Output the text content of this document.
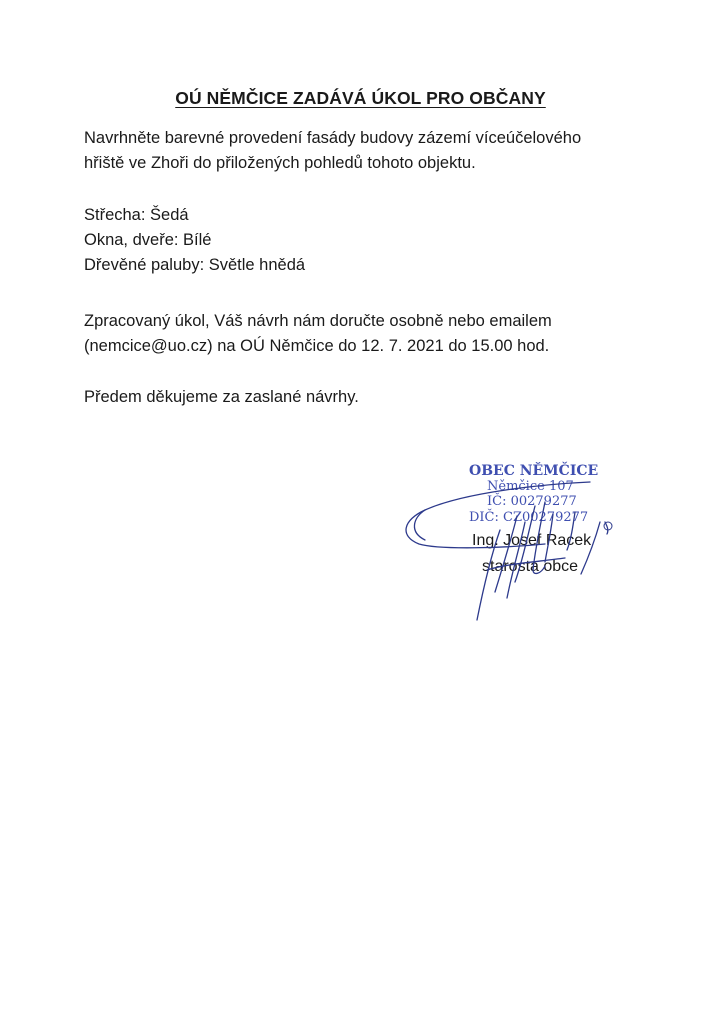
OÚ NĚMČICE ZADÁVÁ ÚKOL PRO OBČANY

Navrhněte barevné provedení fasády budovy zázemí víceúčelového

hřiště ve Zhoři do přiložených pohledů tohoto objektu.

Střecha: Šedá

Okna, dveře: Bílé

Dřevěné paluby: Světle hnědá

Zpracovaný úkol, Váš návrh nám doručte osobně nebo emailem

(nemcice@uo.cz) na OÚ Němčice do 12. 7. 2021 do 15.00 hod.

Předem děkujeme za zaslané návrhy.

OBEC NĚMČICE
Němčice 107
IČ: 00279277
DIČ: CZ00279277

Ing. Josef Racek

starosta obce
